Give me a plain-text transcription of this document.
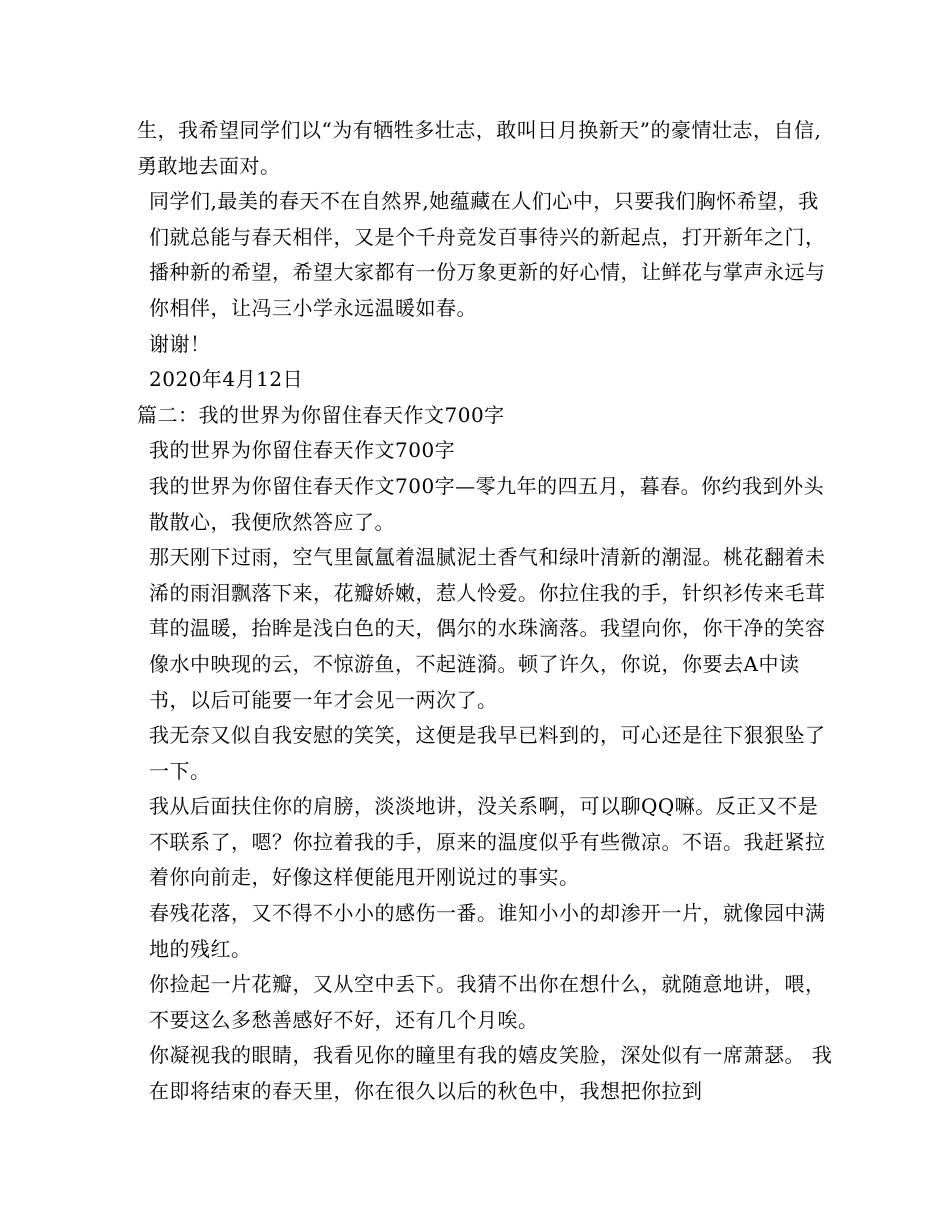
生，我希望同学们以“为有牺牲多壮志，敢叫日月换新天”的豪情壮志，自信,勇敢地去面对。

同学们,最美的春天不在自然界,她蕴藏在人们心中，只要我们胸怀希望，我们就总能与春天相伴，又是个千舟竞发百事待兴的新起点，打开新年之门，播种新的希望，希望大家都有一份万象更新的好心情，让鲜花与掌声永远与你相伴，让冯三小学永远温暖如春。

谢谢！

2020年4月12日

篇二：我的世界为你留住春天作文700字

我的世界为你留住春天作文700字

我的世界为你留住春天作文700字—零九年的四五月，暮春。你约我到外头散散心，我便欣然答应了。

那天刚下过雨，空气里氤氲着温腻泥土香气和绿叶清新的潮湿。桃花翻着未浠的雨泪飘落下来，花瓣娇嫩，惹人怜爱。你拉住我的手，针织衫传来毛茸茸的温暖，抬眸是浅白色的天，偶尔的水珠滴落。我望向你，你干净的笑容像水中映现的云，不惊游鱼，不起涟漪。顿了许久，你说，你要去A中读书，以后可能要一年才会见一两次了。

我无奈又似自我安慰的笑笑，这便是我早已料到的，可心还是往下狠狠坠了一下。

我从后面扶住你的肩膀，淡淡地讲，没关系啊，可以聊QQ嘛。反正又不是不联系了，嗯？你拉着我的手，原来的温度似乎有些微凉。不语。我赶紧拉着你向前走，好像这样便能甩开刚说过的事实。

春残花落，又不得不小小的感伤一番。谁知小小的却渗开一片，就像园中满地的残红。

你捡起一片花瓣，又从空中丢下。我猜不出你在想什么，就随意地讲，喂，不要这么多愁善感好不好，还有几个月唉。

你凝视我的眼睛，我看见你的瞳里有我的嬉皮笑脸，深处似有一席萧瑟。 我在即将结束的春天里，你在很久以后的秋色中，我想把你拉到
